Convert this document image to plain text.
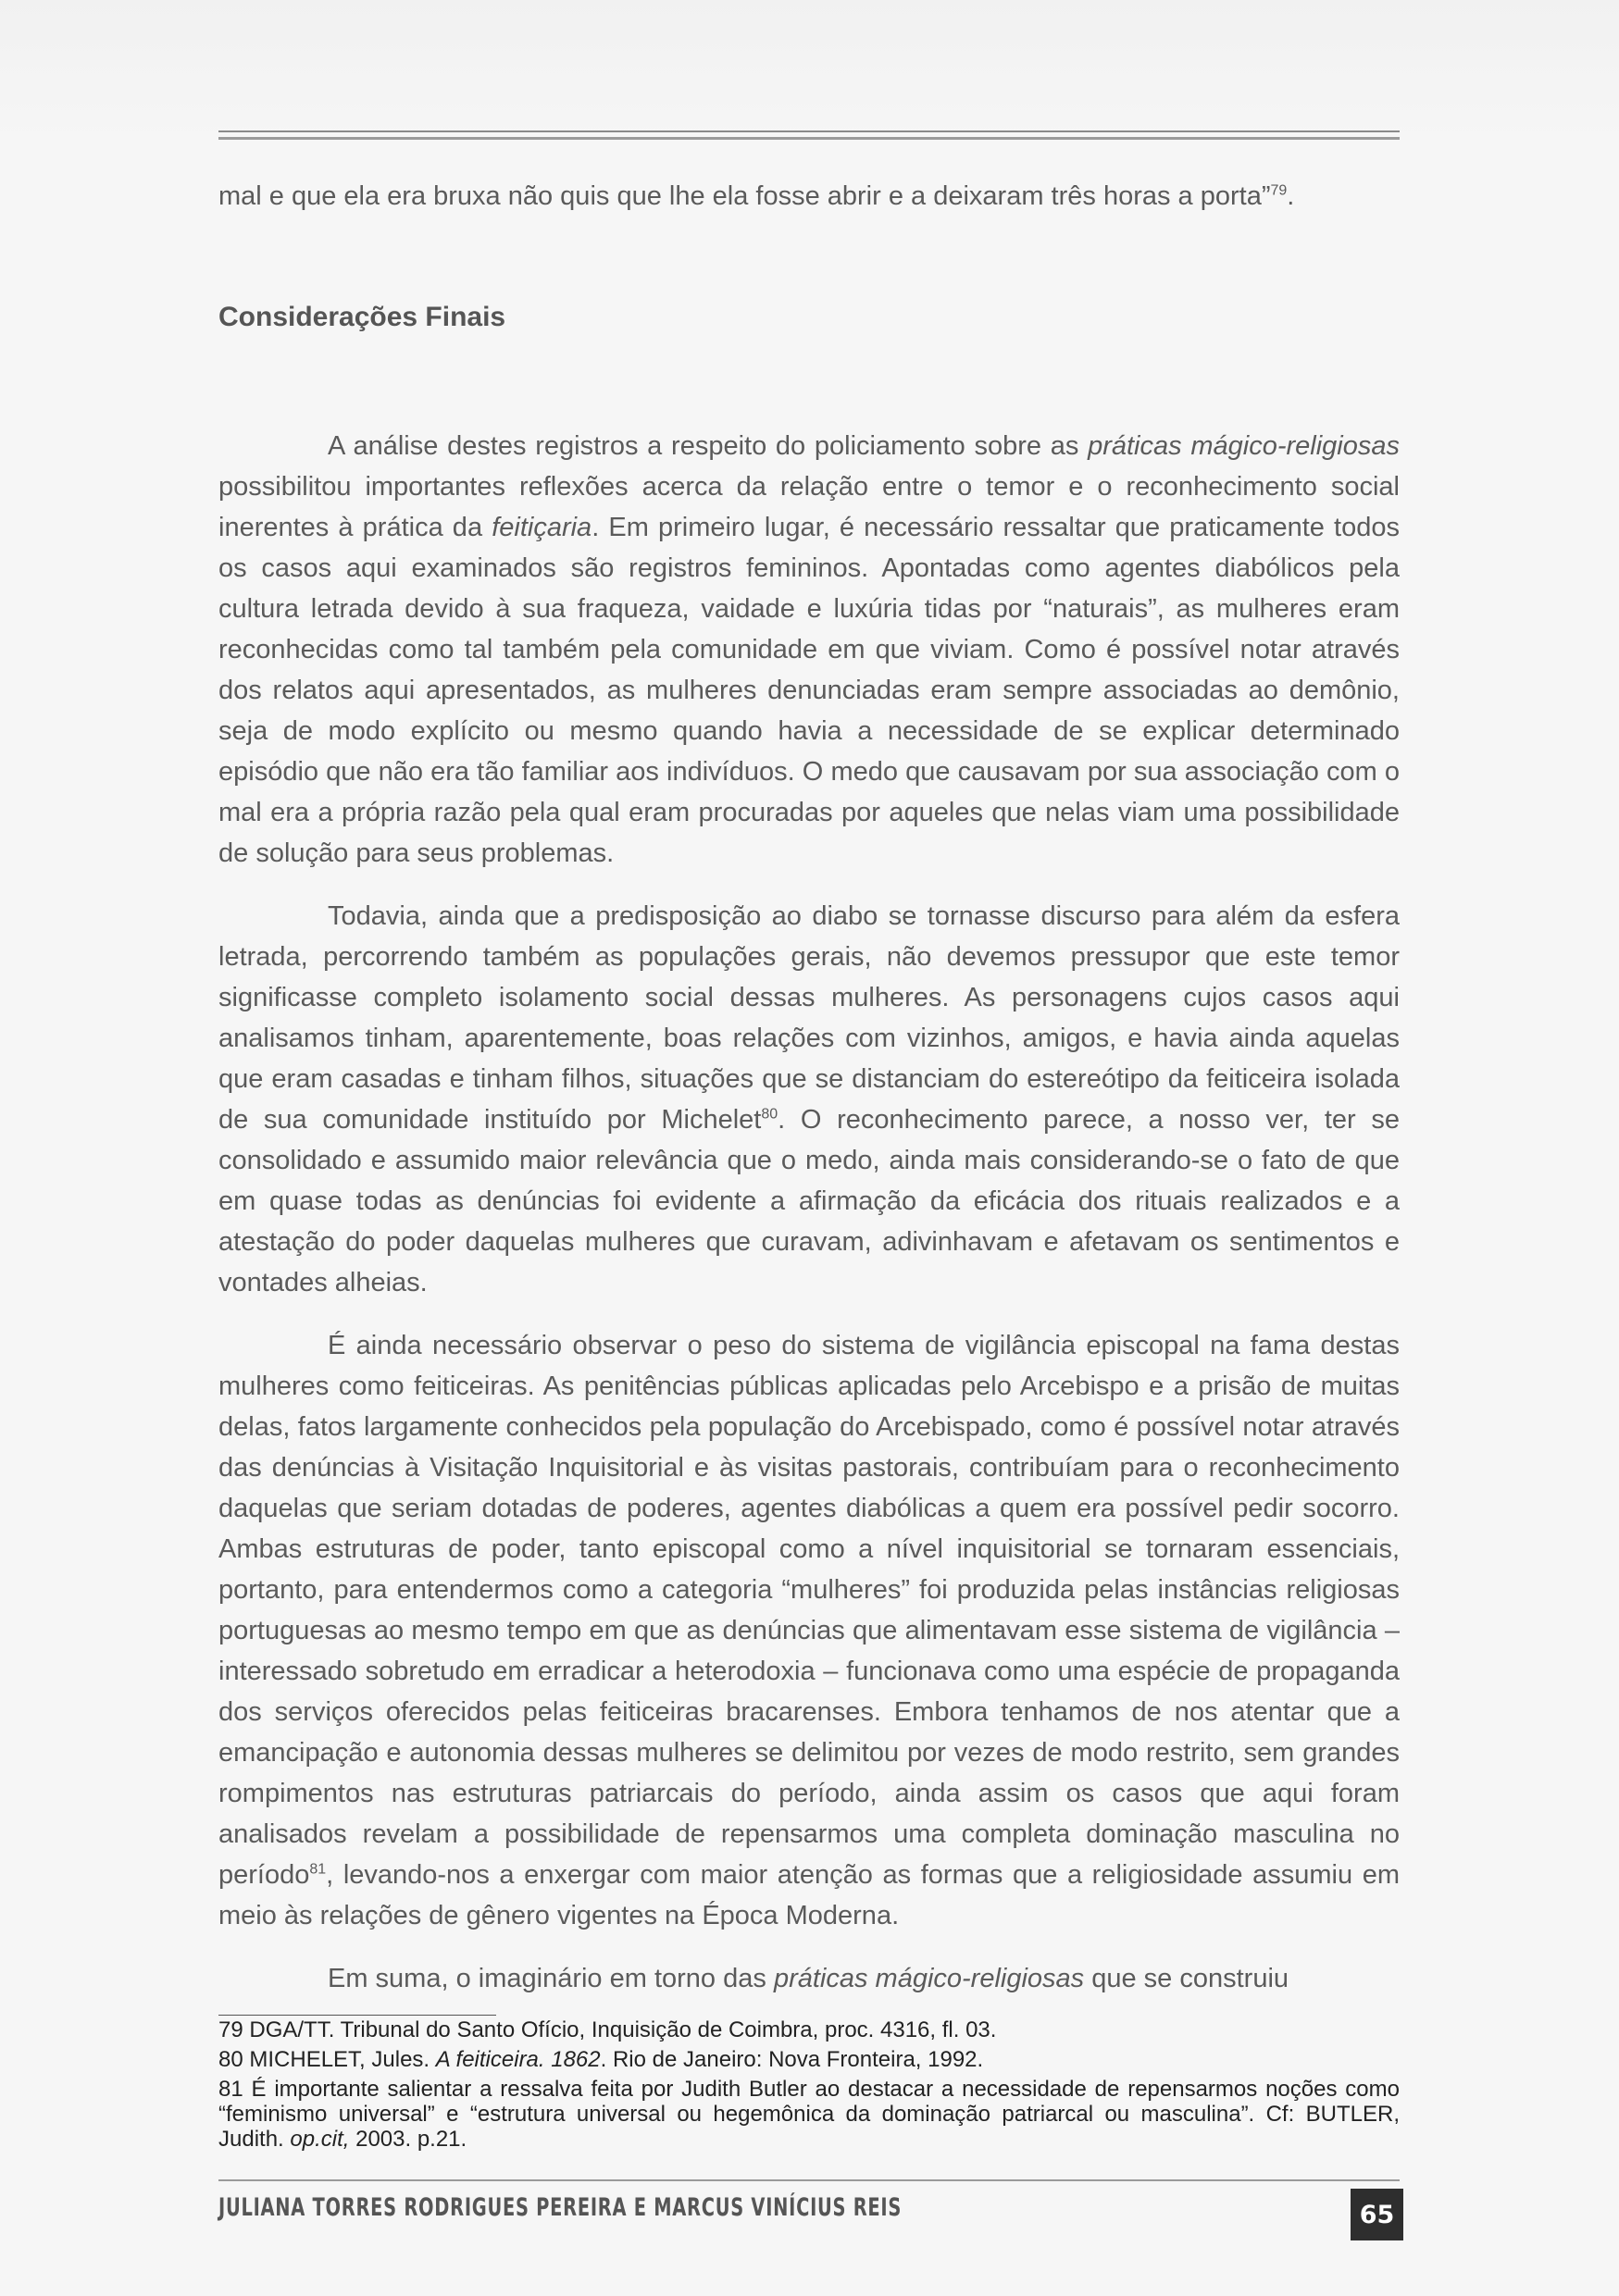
mal e que ela era bruxa não quis que lhe ela fosse abrir e a deixaram três horas a porta”$^{79}$.

Considerações Finais

A análise destes registros a respeito do policiamento sobre as práticas mágico-religiosas possibilitou importantes reflexões acerca da relação entre o temor e o reconhecimento social inerentes à prática da feitiçaria. Em primeiro lugar, é necessário ressaltar que praticamente todos os casos aqui examinados são registros femininos. Apontadas como agentes diabólicos pela cultura letrada devido à sua fraqueza, vaidade e luxúria tidas por “naturais”, as mulheres eram reconhecidas como tal também pela comunidade em que viviam. Como é possível notar através dos relatos aqui apresentados, as mulheres denunciadas eram sempre associadas ao demônio, seja de modo explícito ou mesmo quando havia a necessidade de se explicar determinado episódio que não era tão familiar aos indivíduos. O medo que causavam por sua associação com o mal era a própria razão pela qual eram procuradas por aqueles que nelas viam uma possibilidade de solução para seus problemas.

Todavia, ainda que a predisposição ao diabo se tornasse discurso para além da esfera letrada, percorrendo também as populações gerais, não devemos pressupor que este temor significasse completo isolamento social dessas mulheres. As personagens cujos casos aqui analisamos tinham, aparentemente, boas relações com vizinhos, amigos, e havia ainda aquelas que eram casadas e tinham filhos, situações que se distanciam do estereótipo da feiticeira isolada de sua comunidade instituído por Michelet$^{80}$. O reconhecimento parece, a nosso ver, ter se consolidado e assumido maior relevância que o medo, ainda mais considerando-se o fato de que em quase todas as denúncias foi evidente a afirmação da eficácia dos rituais realizados e a atestação do poder daquelas mulheres que curavam, adivinhavam e afetavam os sentimentos e vontades alheias.

É ainda necessário observar o peso do sistema de vigilância episcopal na fama destas mulheres como feiticeiras. As penitências públicas aplicadas pelo Arcebispo e a prisão de muitas delas, fatos largamente conhecidos pela população do Arcebispado, como é possível notar através das denúncias à Visitação Inquisitorial e às visitas pastorais, contribuíam para o reconhecimento daquelas que seriam dotadas de poderes, agentes diabólicas a quem era possível pedir socorro. Ambas estruturas de poder, tanto episcopal como a nível inquisitorial se tornaram essenciais, portanto, para entendermos como a categoria “mulheres” foi produzida pelas instâncias religiosas portuguesas ao mesmo tempo em que as denúncias que alimentavam esse sistema de vigilância – interessado sobretudo em erradicar a heterodoxia – funcionava como uma espécie de propaganda dos serviços oferecidos pelas feiticeiras bracarenses. Embora tenhamos de nos atentar que a emancipação e autonomia dessas mulheres se delimitou por vezes de modo restrito, sem grandes rompimentos nas estruturas patriarcais do período, ainda assim os casos que aqui foram analisados revelam a possibilidade de repensarmos uma completa dominação masculina no período$^{81}$, levando-nos a enxergar com maior atenção as formas que a religiosidade assumiu em meio às relações de gênero vigentes na Época Moderna.

Em suma, o imaginário em torno das práticas mágico-religiosas que se construiu

79 DGA/TT. Tribunal do Santo Ofício, Inquisição de Coimbra, proc. 4316, fl. 03.

80 MICHELET, Jules. A feiticeira. 1862. Rio de Janeiro: Nova Fronteira, 1992.

81 É importante salientar a ressalva feita por Judith Butler ao destacar a necessidade de repensarmos noções como “feminismo universal” e “estrutura universal ou hegemônica da dominação patriarcal ou masculina”. Cf: BUTLER, Judith. op.cit, 2003. p.21.

JULIANA TORRES RODRIGUES PEREIRA E MARCUS VINÍCIUS REIS	65
